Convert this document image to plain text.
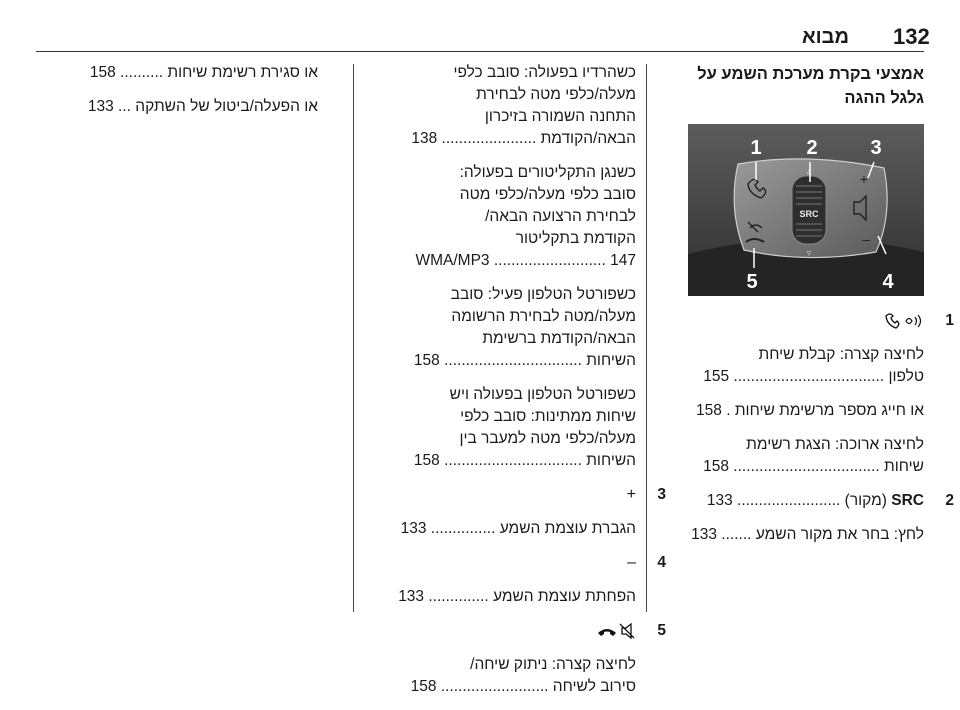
132
מבוא
אמצעי בקרת מערכת השמע על גלגל ההגה
SRC
▵
▿
+
–
1 2	3
4
5
1
לחיצה קצרה: קבלת שיחת
טלפון ................................... 155
או חייג מספר מרשימת שיחות . 158
לחיצה ארוכה: הצגת רשימת
שיחות .................................. 158
2
SRC (מקור) ........................ 133
לחץ: בחר את מקור השמע ....... 133
כשהרדיו בפעולה: סובב כלפי
מעלה/כלפי מטה לבחירת
התחנה השמורה בזיכרון
הבאה/הקודמת ...................... 138
כשנגן התקליטורים בפעולה:
סובב כלפי מעלה/כלפי מטה
לבחירת הרצועה הבאה/
הקודמת בתקליטור
WMA/MP3 .......................... 147
כשפורטל הטלפון פעיל: סובב
מעלה/מטה לבחירת הרשומה
הבאה/הקודמת ברשימת
השיחות ................................ 158
כשפורטל הטלפון בפעולה ויש
שיחות ממתינות: סובב כלפי
מעלה/כלפי מטה למעבר בין
השיחות ................................ 158
3
+
הגברת עוצמת השמע ............... 133
4
–
הפחתת עוצמת השמע .............. 133
5
לחיצה קצרה: ניתוק שיחה/
סירוב לשיחה ......................... 158
או סגירת רשימת שיחות .......... 158
או הפעלה/ביטול של השתקה ... 133
